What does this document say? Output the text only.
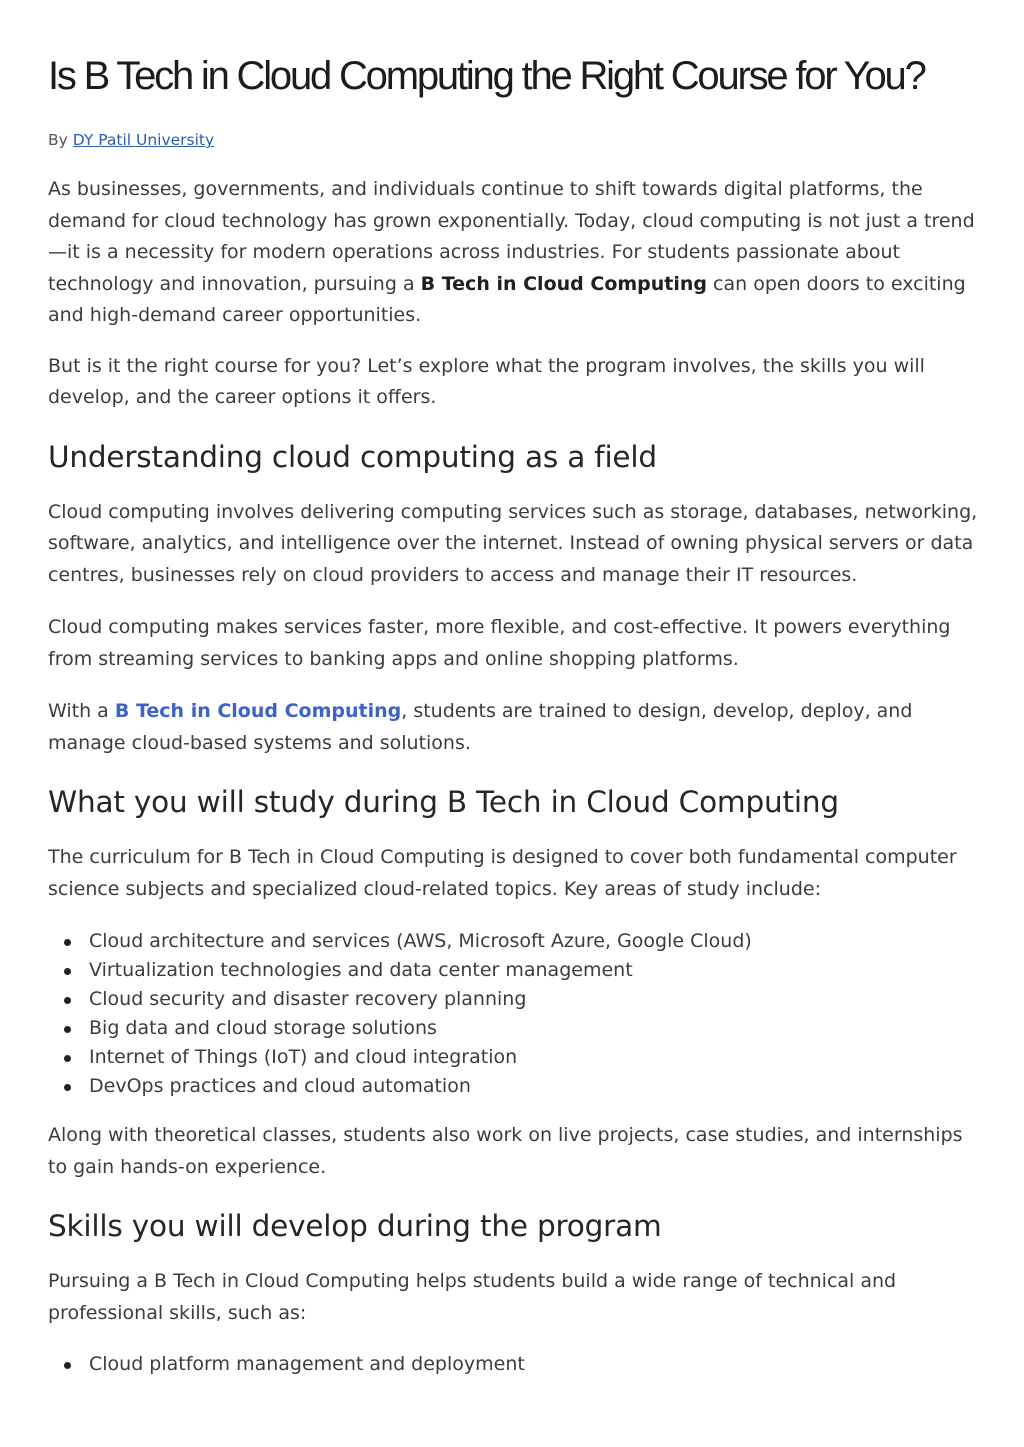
Is B Tech in Cloud Computing the Right Course for You?
By DY Patil University

As businesses, governments, and individuals continue to shift towards digital platforms, the demand for cloud technology has grown exponentially. Today, cloud computing is not just a trend—it is a necessity for modern operations across industries. For students passionate about technology and innovation, pursuing a B Tech in Cloud Computing can open doors to exciting and high-demand career opportunities.

But is it the right course for you? Let’s explore what the program involves, the skills you will develop, and the career options it offers.

Understanding cloud computing as a field

Cloud computing involves delivering computing services such as storage, databases, networking, software, analytics, and intelligence over the internet. Instead of owning physical servers or data centres, businesses rely on cloud providers to access and manage their IT resources.

Cloud computing makes services faster, more flexible, and cost-effective. It powers everything from streaming services to banking apps and online shopping platforms.

With a B Tech in Cloud Computing, students are trained to design, develop, deploy, and manage cloud-based systems and solutions.

What you will study during B Tech in Cloud Computing

The curriculum for B Tech in Cloud Computing is designed to cover both fundamental computer science subjects and specialized cloud-related topics. Key areas of study include:

Cloud architecture and services (AWS, Microsoft Azure, Google Cloud)
Virtualization technologies and data center management
Cloud security and disaster recovery planning
Big data and cloud storage solutions
Internet of Things (IoT) and cloud integration
DevOps practices and cloud automation

Along with theoretical classes, students also work on live projects, case studies, and internships to gain hands-on experience.

Skills you will develop during the program

Pursuing a B Tech in Cloud Computing helps students build a wide range of technical and professional skills, such as:

Cloud platform management and deployment
